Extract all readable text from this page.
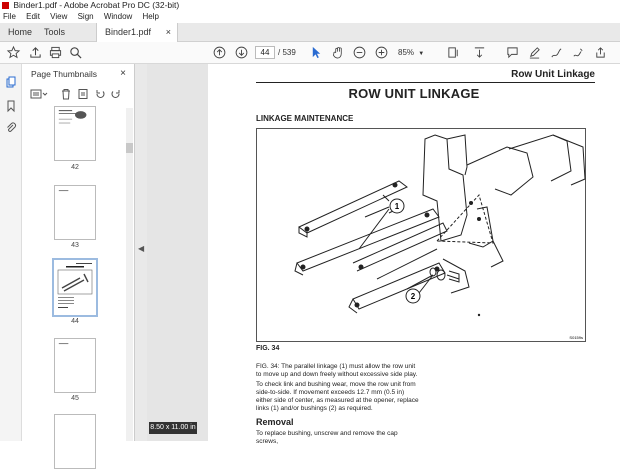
Binder1.pdf - Adobe Acrobat Pro DC (32-bit)
File Edit View Sign Window Help
Home	Tools	Binder1.pdf ×
44	/ 539	85% ▼
Page Thumbnails ×
42
43
44
45
◀
Row Unit Linkage
ROW UNIT LINKAGE
LINKAGE MAINTENANCE
1
2
S0159s
FIG. 34
FIG. 34: The parallel linkage (1) must allow the row unit to move up and down freely without excessive side play.
To check link and bushing wear, move the row unit from side-to-side. If movement exceeds 12.7 mm (0.5 in) either side of center, as measured at the opener, replace links (1) and/or bushings (2) as required.
Removal
To replace bushing, unscrew and remove the cap screws,
8.50 x 11.00 in
